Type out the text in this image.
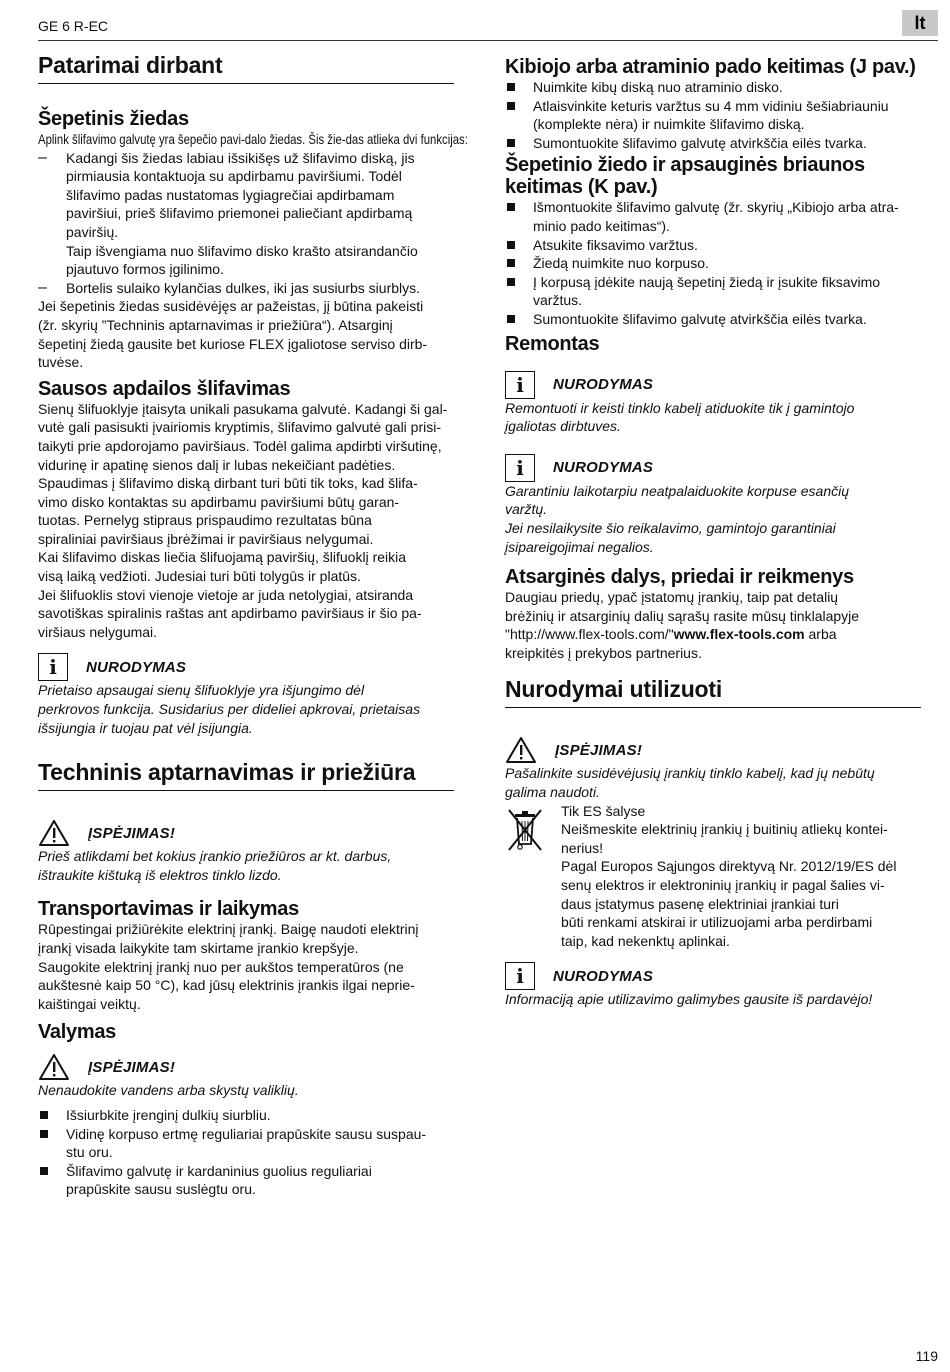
GE 6 R-EC	lt
Patarimai dirbant
Šepetinis žiedas

Aplink šlifavimo galvutę yra šepečio pavi-dalo žiedas. Šis žie-das atlieka dvi funkcijas:

– Kadangi šis žiedas labiau išsikišęs už šlifavimo diską, jis

pirmiausia kontaktuoja su apdirbamu paviršiumi. Todėl

šlifavimo padas nustatomas lygiagrečiai apdirbamam

paviršiui, prieš šlifavimo priemonei paliečiant apdirbamą

paviršių.

Taip išvengiama nuo šlifavimo disko krašto atsirandančio

pjautuvo formos įgilinimo.

– Bortelis sulaiko kylančias dulkes, iki jas susiurbs siurblys.

Jei šepetinis žiedas susidėvėjęs ar pažeistas, jį būtina pakeisti

(žr. skyrių ”Techninis aptarnavimas ir priežiūra“). Atsarginį

šepetinį žiedą gausite bet kuriose FLEX įgaliotose serviso dirb-

tuvėse.

Sausos apdailos šlifavimas

Sienų šlifuoklyje įtaisyta unikali pasukama galvutė. Kadangi ši gal-

vutė gali pasisukti įvairiomis kryptimis, šlifavimo galvutė gali prisi-

taikyti prie apdorojamo paviršiaus. Todėl galima apdirbti viršutinę,

vidurinę ir apatinę sienos dalį ir lubas nekeičiant padėties.

Spaudimas į šlifavimo diską dirbant turi būti tik toks, kad šlifa-

vimo disko kontaktas su apdirbamu paviršiumi būtų garan-

tuotas. Pernelyg stipraus prispaudimo rezultatas būna

spiraliniai paviršiaus įbrėžimai ir paviršiaus nelygumai.

Kai šlifavimo diskas liečia šlifuojamą paviršių, šlifuoklį reikia

visą laiką vedžioti. Judesiai turi būti tolygūs ir platūs.

Jei šlifuoklis stovi vienoje vietoje ar juda netolygiai, atsiranda

savotiškas spiralinis raštas ant apdirbamo paviršiaus ir šio pa-

viršiaus nelygumai.

i	NURODYMAS

Prietaiso apsaugai sienų šlifuoklyje yra išjungimo dėl

perkrovos funkcija. Susidarius per dideliei apkrovai, prietaisas

išsijungia ir tuojau pat vėl įsijungia.

Techninis aptarnavimas ir priežiūra
ĮSPĖJIMAS!

Prieš atlikdami bet kokius įrankio priežiūros ar kt. darbus,

ištraukite kištuką iš elektros tinklo lizdo.

Transportavimas ir laikymas

Rūpestingai prižiūrėkite elektrinį įrankį. Baigę naudoti elektrinį

įrankį visada laikykite tam skirtame įrankio krepšyje.

Saugokite elektrinį įrankį nuo per aukštos temperatūros (ne

aukštesnė kaip 50 °C), kad jūsų elektrinis įrankis ilgai neprie-

kaištingai veiktų.

Valymas
ĮSPĖJIMAS!

Nenaudokite vandens arba skystų valiklių.

Išsiurbkite įrenginį dulkių siurbliu.
Vidinę korpuso ertmę reguliariai prapūskite sausu suspau-
stu oru.
Šlifavimo galvutę ir kardaninius guolius reguliariai
prapūskite sausu suslėgtu oru.
Kibiojo arba atraminio pado keitimas (J pav.)
Nuimkite kibų diską nuo atraminio disko.
Atlaisvinkite keturis varžtus su 4 mm vidiniu šešiabriauniu
(komplekte nėra) ir nuimkite šlifavimo diską.
Sumontuokite šlifavimo galvutę atvirkščia eilės tvarka.
Šepetinio žiedo ir apsauginės briaunos
keitimas (K pav.)
Išmontuokite šlifavimo galvutę (žr. skyrių „Kibiojo arba atra-
minio pado keitimas“).
Atsukite fiksavimo varžtus.
Žiedą nuimkite nuo korpuso.
Į korpusą įdėkite naują šepetinį žiedą ir įsukite fiksavimo
varžtus.
Sumontuokite šlifavimo galvutę atvirkščia eilės tvarka.
Remontas
i	NURODYMAS

Remontuoti ir keisti tinklo kabelį atiduokite tik į gamintojo

įgaliotas dirbtuves.

i	NURODYMAS

Garantiniu laikotarpiu neatpalaiduokite korpuse esančių

varžtų.

Jei nesilaikysite šio reikalavimo, gamintojo garantiniai

įsipareigojimai negalios.

Atsarginės dalys, priedai ir reikmenys

Daugiau priedų, ypač įstatomų įrankių, taip pat detalių

brėžinių ir atsarginių dalių sąrašų rasite mūsų tinklalapyje

"http://www.flex-tools.com/"www.flex-tools.com arba

kreipkitės į prekybos partnerius.

Nurodymai utilizuoti
ĮSPĖJIMAS!

Pašalinkite susidėvėjusių įrankių tinklo kabelį, kad jų nebūtų

galima naudoti.

Tik ES šalyse

Neišmeskite elektrinių įrankių į buitinių atliekų kontei-

nerius!

Pagal Europos Sąjungos direktyvą Nr. 2012/19/ES dėl

senų elektros ir elektroninių įrankių ir pagal šalies vi-

daus įstatymus pasenę elektriniai įrankiai turi

būti renkami atskirai ir utilizuojami arba perdirbami

taip, kad nekenktų aplinkai.

i	NURODYMAS

Informaciją apie utilizavimo galimybes gausite iš pardavėjo!

119
